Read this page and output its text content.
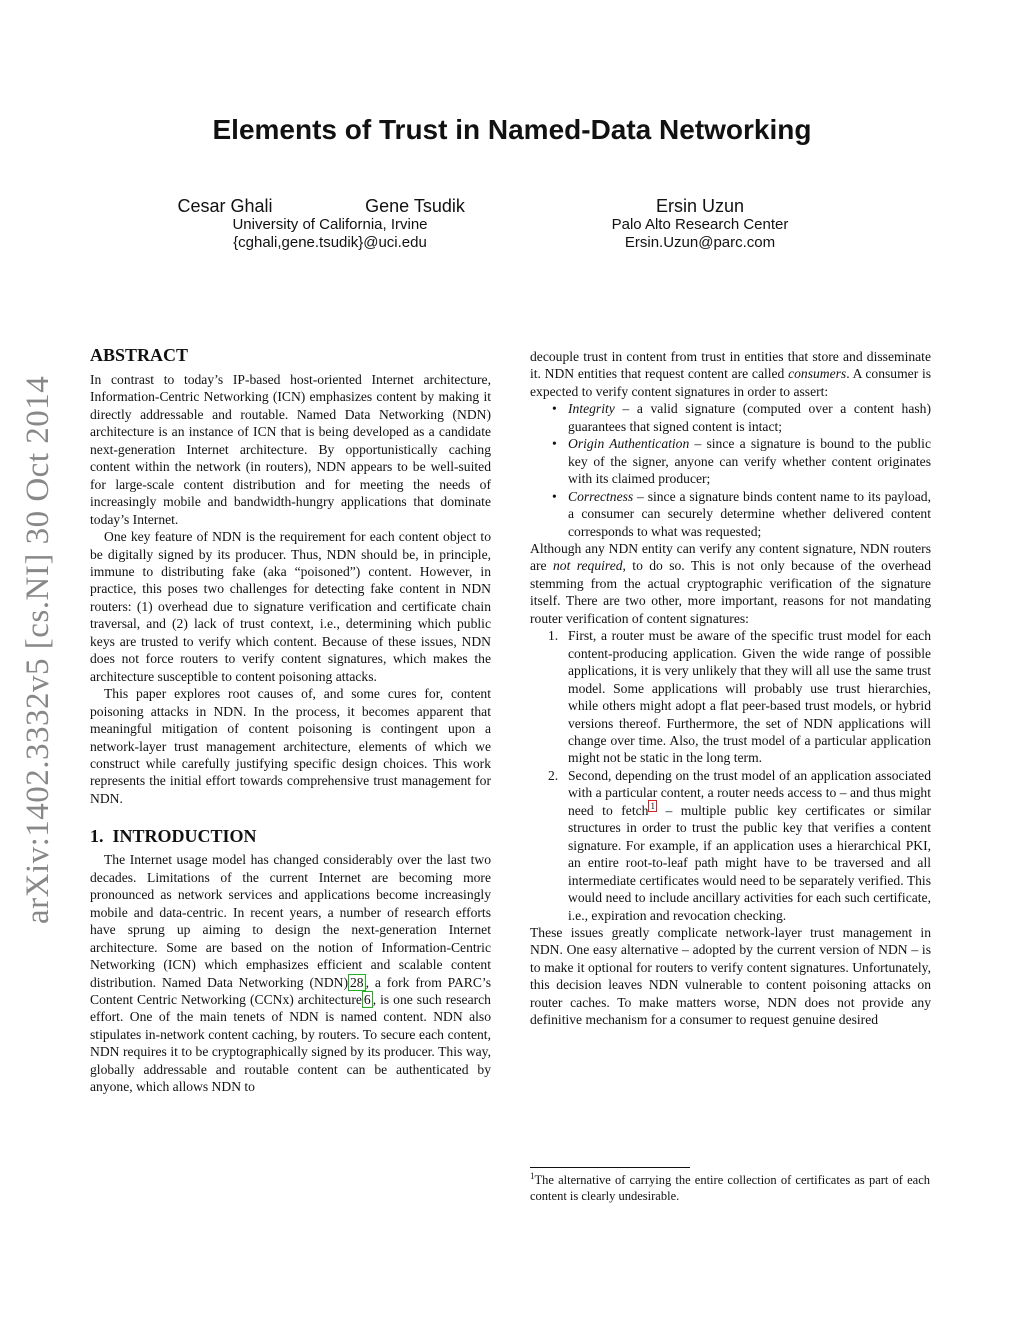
arXiv:1402.3332v5 [cs.NI] 30 Oct 2014
Elements of Trust in Named-Data Networking
Cesar Ghali	Gene Tsudik
University of California, Irvine
{cghali,gene.tsudik}@uci.edu
Ersin Uzun
Palo Alto Research Center
Ersin.Uzun@parc.com
ABSTRACT

In contrast to today’s IP-based host-oriented Internet architecture, Information-Centric Networking (ICN) emphasizes content by making it directly addressable and routable. Named Data Networking (NDN) architecture is an instance of ICN that is being developed as a candidate next-generation Internet architecture. By opportunistically caching content within the network (in routers), NDN appears to be well-suited for large-scale content distribution and for meeting the needs of increasingly mobile and bandwidth-hungry applications that dominate today’s Internet.

One key feature of NDN is the requirement for each content object to be digitally signed by its producer. Thus, NDN should be, in principle, immune to distributing fake (aka “poisoned”) content. However, in practice, this poses two challenges for detecting fake content in NDN routers: (1) overhead due to signature verification and certificate chain traversal, and (2) lack of trust context, i.e., determining which public keys are trusted to verify which content. Because of these issues, NDN does not force routers to verify content signatures, which makes the architecture susceptible to content poisoning attacks.

This paper explores root causes of, and some cures for, content poisoning attacks in NDN. In the process, it becomes apparent that meaningful mitigation of content poisoning is contingent upon a network-layer trust management architecture, elements of which we construct while carefully justifying specific design choices. This work represents the initial effort towards comprehensive trust management for NDN.

1. INTRODUCTION

The Internet usage model has changed considerably over the last two decades. Limitations of the current Internet are becoming more pronounced as network services and applications become increasingly mobile and data-centric. In recent years, a number of research efforts have sprung up aiming to design the next-generation Internet architecture. Some are based on the notion of Information-Centric Networking (ICN) which emphasizes efficient and scalable content distribution. Named Data Networking (NDN) 28 , a fork from PARC’s Content Centric Networking (CCNx) architecture 6 , is one such research effort. One of the main tenets of NDN is named content. NDN also stipulates in-network content caching, by routers. To secure each content, NDN requires it to be cryptographically signed by its producer. This way, globally addressable and routable content can be authenticated by anyone, which allows NDN to

decouple trust in content from trust in entities that store and disseminate it. NDN entities that request content are called consumers. A consumer is expected to verify content signatures in order to assert:

• Integrity – a valid signature (computed over a content hash) guarantees that signed content is intact;
• Origin Authentication – since a signature is bound to the public key of the signer, anyone can verify whether content originates with its claimed producer;
• Correctness – since a signature binds content name to its payload, a consumer can securely determine whether delivered content corresponds to what was requested;

Although any NDN entity can verify any content signature, NDN routers are not required, to do so. This is not only because of the overhead stemming from the actual cryptographic verification of the signature itself. There are two other, more important, reasons for not mandating router verification of content signatures:

1. First, a router must be aware of the specific trust model for each content-producing application. Given the wide range of possible applications, it is very unlikely that they will all use the same trust model. Some applications will probably use trust hierarchies, while others might adopt a flat peer-based trust models, or hybrid versions thereof. Furthermore, the set of NDN applications will change over time. Also, the trust model of a particular application might not be static in the long term.
2. Second, depending on the trust model of an application associated with a particular content, a router needs access to – and thus might need to fetch $^1$ – multiple public key certificates or similar structures in order to trust the public key that verifies a content signature. For example, if an application uses a hierarchical PKI, an entire root-to-leaf path might have to be traversed and all intermediate certificates would need to be separately verified. This would need to include ancillary activities for each such certificate, i.e., expiration and revocation checking.

These issues greatly complicate network-layer trust management in NDN. One easy alternative – adopted by the current version of NDN – is to make it optional for routers to verify content signatures. Unfortunately, this decision leaves NDN vulnerable to content poisoning attacks on router caches. To make matters worse, NDN does not provide any definitive mechanism for a consumer to request genuine desired

$^1$The alternative of carrying the entire collection of certificates as part of each content is clearly undesirable.
